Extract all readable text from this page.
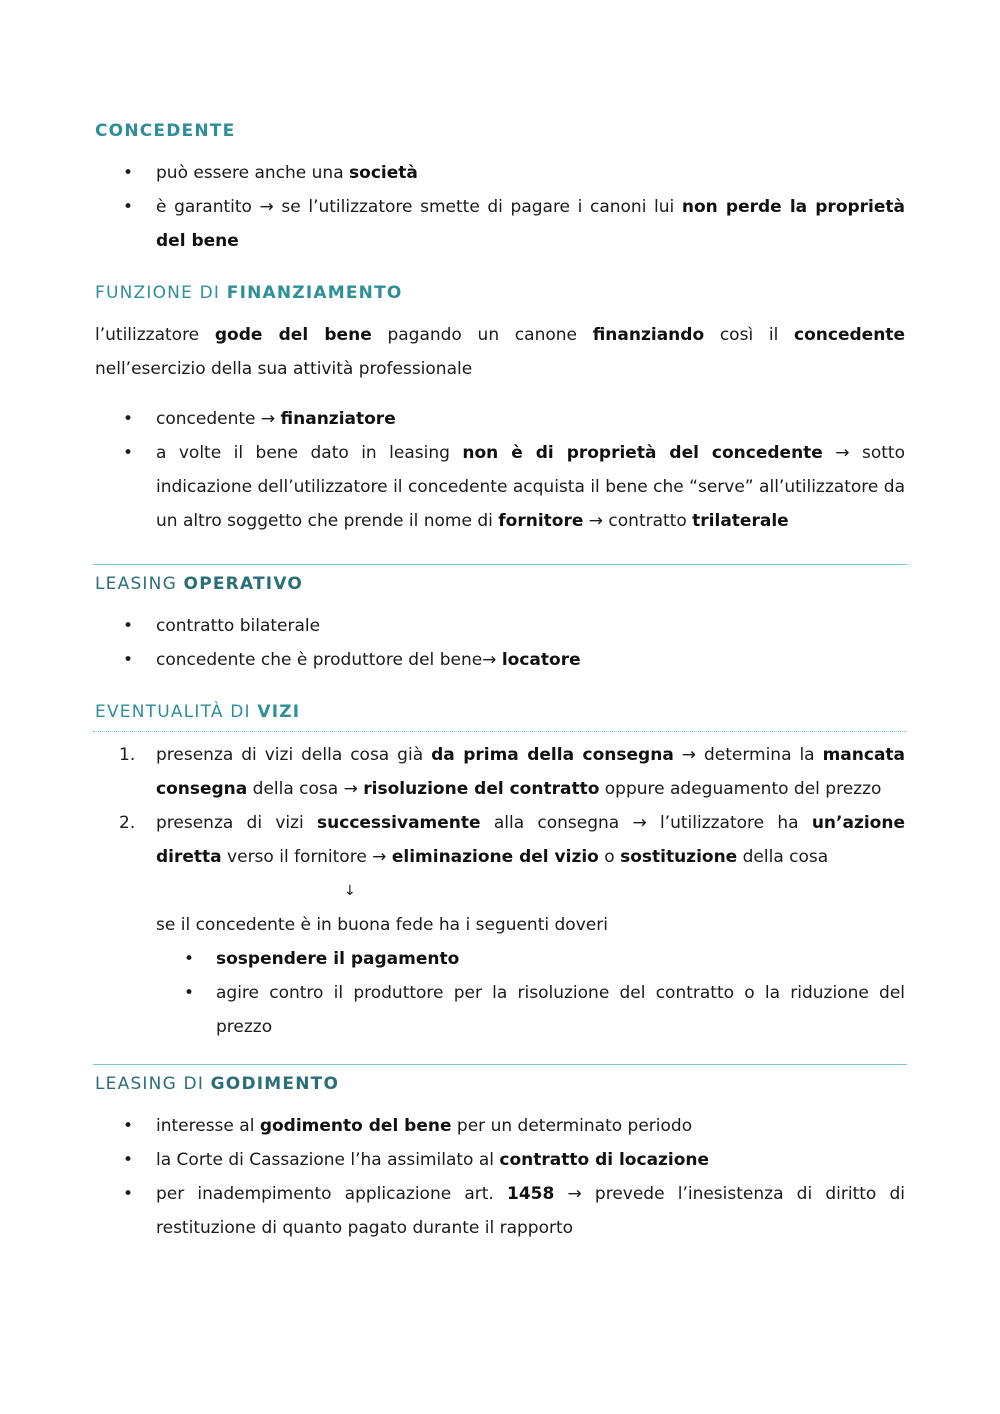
CONCEDENTE
•	può essere anche una società
•	è garantito → se l’utilizzatore smette di pagare i canoni lui non perde la proprietà del bene
FUNZIONE DI FINANZIAMENTO

l’utilizzatore gode del bene pagando un canone finanziando così il concedente nell’esercizio della sua attività professionale

•	concedente → finanziatore
•	a volte il bene dato in leasing non è di proprietà del concedente → sotto indicazione dell’utilizzatore il concedente acquista il bene che “serve” all’utilizzatore da un altro soggetto che prende il nome di fornitore → contratto trilaterale
LEASING OPERATIVO
•	contratto bilaterale
•	concedente che è produttore del bene→ locatore
EVENTUALITÀ DI VIZI
1.	presenza di vizi della cosa già da prima della consegna → determina la mancata consegna della cosa → risoluzione del contratto oppure adeguamento del prezzo
2.	presenza di vizi successivamente alla consegna → l’utilizzatore ha un’azione diretta verso il fornitore → eliminazione del vizio o sostituzione della cosa
↓

se il concedente è in buona fede ha i seguenti doveri

•	sospendere il pagamento
•	agire contro il produttore per la risoluzione del contratto o la riduzione del prezzo
LEASING DI GODIMENTO
•	interesse al godimento del bene per un determinato periodo
•	la Corte di Cassazione l’ha assimilato al contratto di locazione
•	per inadempimento applicazione art. 1458 → prevede l’inesistenza di diritto di restituzione di quanto pagato durante il rapporto
